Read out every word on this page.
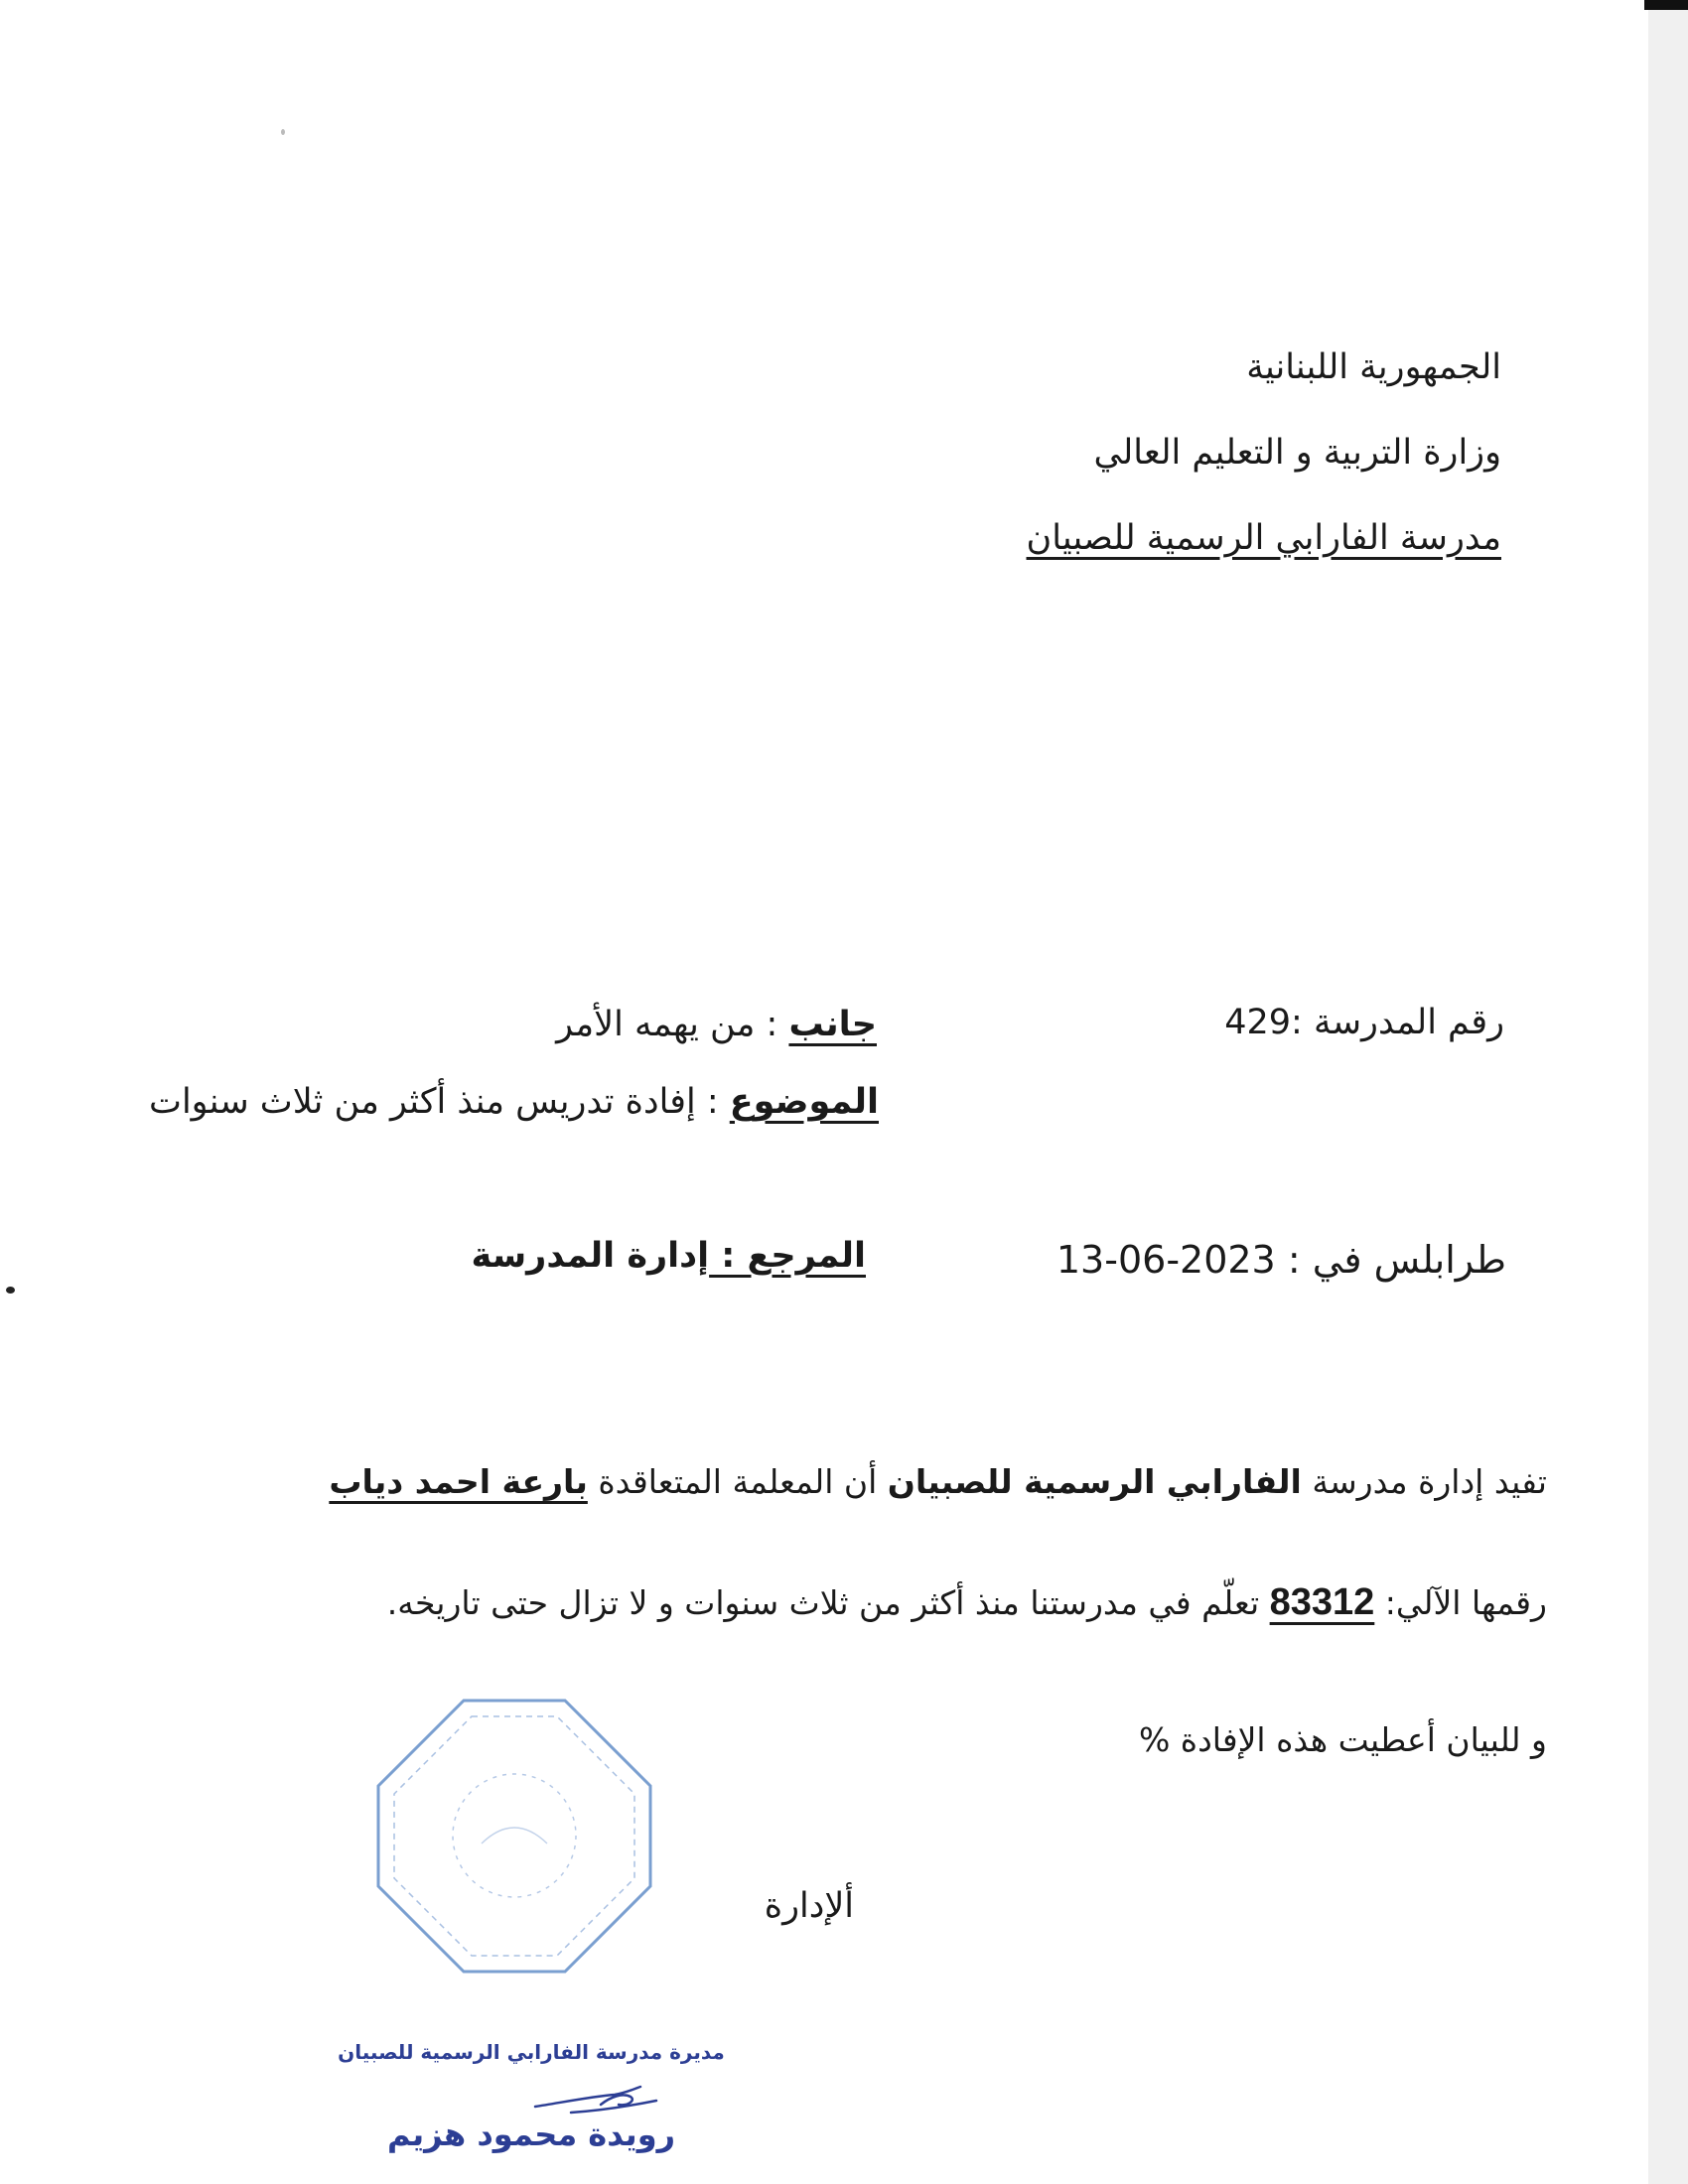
الجمهورية اللبنانية
وزارة التربية و التعليم العالي
مدرسة الفارابي الرسمية للصبيان
رقم المدرسة :429
جانب : من يهمه الأمر
الموضوع : إفادة تدريس منذ أكثر من ثلاث سنوات
طرابلس في : 2023-06-13
المرجع : إدارة المدرسة
تفيد إدارة مدرسة الفارابي الرسمية للصبيان أن المعلمة المتعاقدة بارعة احمد دياب
رقمها الآلي: 83312 تعلّم في مدرستنا منذ أكثر من ثلاث سنوات و لا تزال حتى تاريخه.
و للبيان أعطيت هذه الإفادة %
ألإدارة
مديرة مدرسة الفارابي الرسمية للصبيان
رويدة محمود هزيم
